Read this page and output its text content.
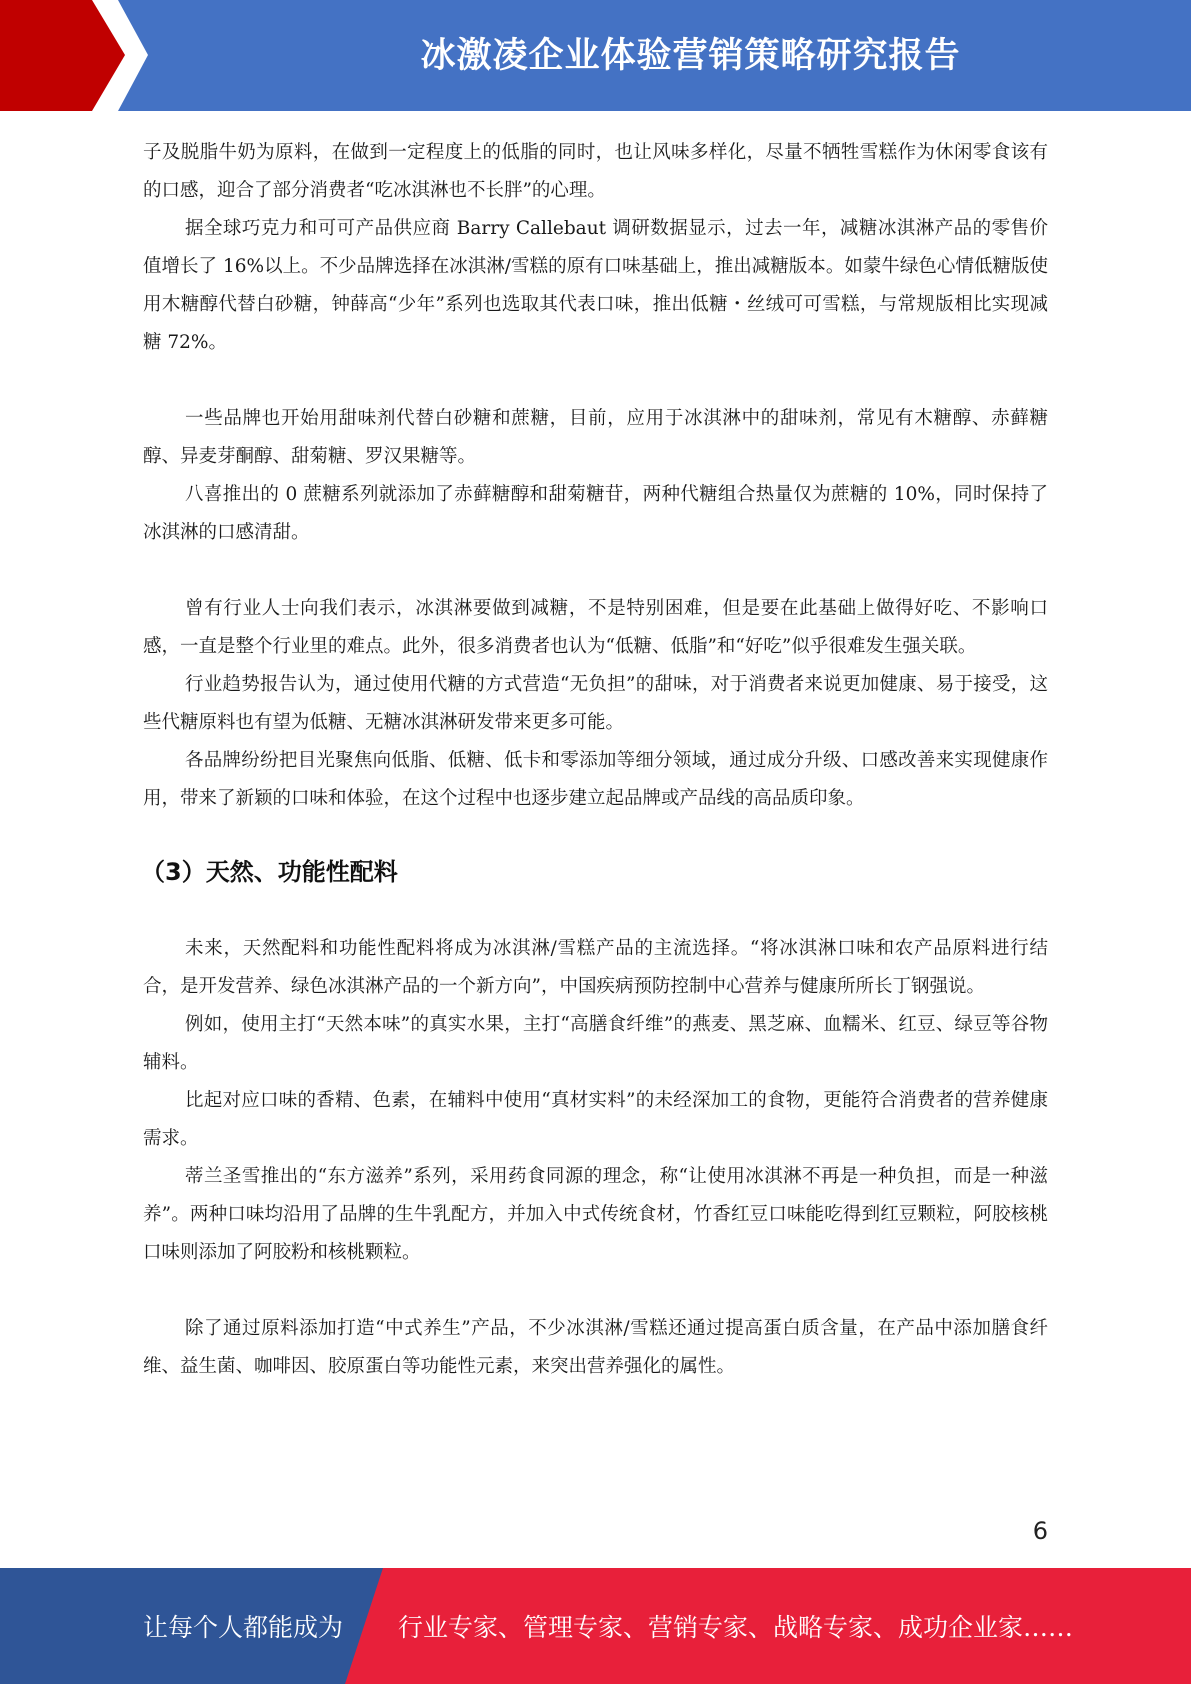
冰激凌企业体验营销策略研究报告

子及脱脂牛奶为原料，在做到一定程度上的低脂的同时，也让风味多样化，尽量不牺牲雪糕作为休闲零食该有的口感，迎合了部分消费者“吃冰淇淋也不长胖”的心理。

据全球巧克力和可可产品供应商 Barry Callebaut 调研数据显示，过去一年，减糖冰淇淋产品的零售价值增长了 16%以上。不少品牌选择在冰淇淋/雪糕的原有口味基础上，推出减糖版本。如蒙牛绿色心情低糖版使用木糖醇代替白砂糖，钟薛高“少年”系列也选取其代表口味，推出低糖・丝绒可可雪糕，与常规版相比实现减糖 72%。

一些品牌也开始用甜味剂代替白砂糖和蔗糖，目前，应用于冰淇淋中的甜味剂，常见有木糖醇、赤藓糖醇、异麦芽酮醇、甜菊糖、罗汉果糖等。

八喜推出的 0 蔗糖系列就添加了赤藓糖醇和甜菊糖苷，两种代糖组合热量仅为蔗糖的 10%，同时保持了冰淇淋的口感清甜。

曾有行业人士向我们表示，冰淇淋要做到减糖，不是特别困难，但是要在此基础上做得好吃、不影响口感，一直是整个行业里的难点。此外，很多消费者也认为“低糖、低脂”和“好吃”似乎很难发生强关联。

行业趋势报告认为，通过使用代糖的方式营造“无负担”的甜味，对于消费者来说更加健康、易于接受，这些代糖原料也有望为低糖、无糖冰淇淋研发带来更多可能。

各品牌纷纷把目光聚焦向低脂、低糖、低卡和零添加等细分领域，通过成分升级、口感改善来实现健康作用，带来了新颖的口味和体验，在这个过程中也逐步建立起品牌或产品线的高品质印象。

（3）天然、功能性配料

未来，天然配料和功能性配料将成为冰淇淋/雪糕产品的主流选择。“将冰淇淋口味和农产品原料进行结合，是开发营养、绿色冰淇淋产品的一个新方向”，中国疾病预防控制中心营养与健康所所长丁钢强说。

例如，使用主打“天然本味”的真实水果，主打“高膳食纤维”的燕麦、黑芝麻、血糯米、红豆、绿豆等谷物辅料。

比起对应口味的香精、色素，在辅料中使用“真材实料”的未经深加工的食物，更能符合消费者的营养健康需求。

蒂兰圣雪推出的“东方滋养”系列，采用药食同源的理念，称“让使用冰淇淋不再是一种负担，而是一种滋养”。两种口味均沿用了品牌的生牛乳配方，并加入中式传统食材，竹香红豆口味能吃得到红豆颗粒，阿胶核桃口味则添加了阿胶粉和核桃颗粒。

除了通过原料添加打造“中式养生”产品，不少冰淇淋/雪糕还通过提高蛋白质含量，在产品中添加膳食纤维、益生菌、咖啡因、胶原蛋白等功能性元素，来突出营养强化的属性。

6
让每个人都能成为 行业专家、管理专家、营销专家、战略专家、成功企业家……
